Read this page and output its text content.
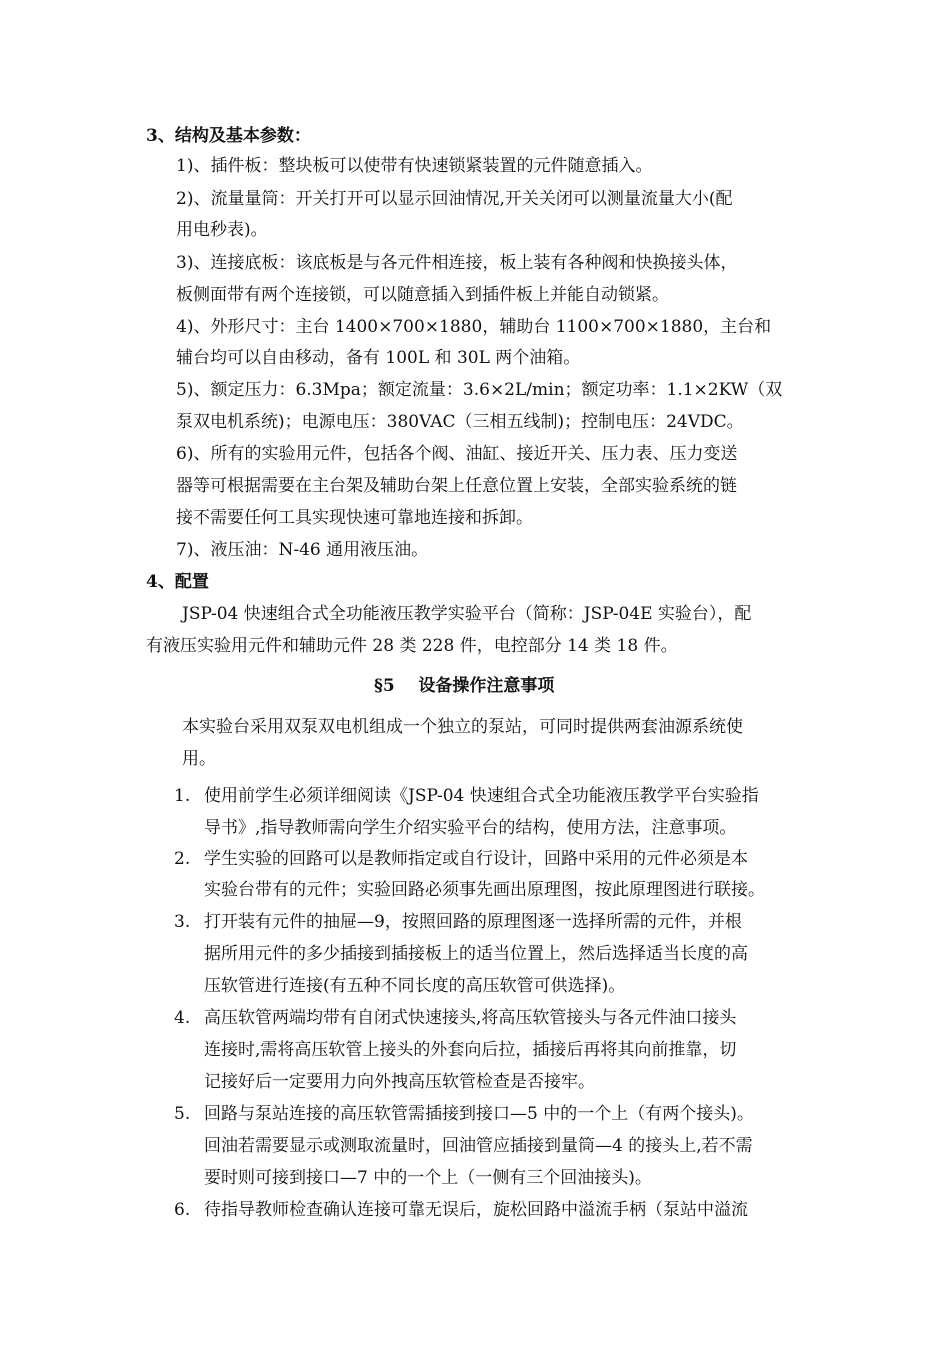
3、结构及基本参数：
1)、插件板：整块板可以使带有快速锁紧装置的元件随意插入。
2)、流量量筒：开关打开可以显示回油情况,开关关闭可以测量流量大小(配
用电秒表)。
3)、连接底板：该底板是与各元件相连接，板上装有各种阀和快换接头体，
板侧面带有两个连接锁，可以随意插入到插件板上并能自动锁紧。
4)、外形尺寸：主台 1400×700×1880，辅助台 1100×700×1880，主台和
辅台均可以自由移动，备有 100L 和 30L 两个油箱。
5)、额定压力：6.3Mpa；额定流量：3.6×2L/min；额定功率：1.1×2KW（双
泵双电机系统)；电源电压：380VAC（三相五线制)；控制电压：24VDC。
6)、所有的实验用元件，包括各个阀、油缸、接近开关、压力表、压力变送
器等可根据需要在主台架及辅助台架上任意位置上安装，全部实验系统的链
接不需要任何工具实现快速可靠地连接和拆卸。
7)、液压油：N-46 通用液压油。
4、配置
JSP-04 快速组合式全功能液压教学实验平台（简称：JSP-04E 实验台），配
有液压实验用元件和辅助元件 28 类 228 件，电控部分 14 类 18 件。
§5    设备操作注意事项
本实验台采用双泵双电机组成一个独立的泵站，可同时提供两套油源系统使
用。
1. 使用前学生必须详细阅读《JSP-04 快速组合式全功能液压教学平台实验指
导书》,指导教师需向学生介绍实验平台的结构，使用方法，注意事项。
2. 学生实验的回路可以是教师指定或自行设计，回路中采用的元件必须是本
实验台带有的元件；实验回路必须事先画出原理图，按此原理图进行联接。
3. 打开装有元件的抽屉—9，按照回路的原理图逐一选择所需的元件，并根
据所用元件的多少插接到插接板上的适当位置上，然后选择适当长度的高
压软管进行连接(有五种不同长度的高压软管可供选择)。
4. 高压软管两端均带有自闭式快速接头,将高压软管接头与各元件油口接头
连接时,需将高压软管上接头的外套向后拉，插接后再将其向前推靠，切
记接好后一定要用力向外拽高压软管检查是否接牢。
5. 回路与泵站连接的高压软管需插接到接口—5 中的一个上（有两个接头)。
回油若需要显示或测取流量时，回油管应插接到量筒—4 的接头上,若不需
要时则可接到接口—7 中的一个上（一侧有三个回油接头)。
6. 待指导教师检查确认连接可靠无误后，旋松回路中溢流手柄（泵站中溢流
